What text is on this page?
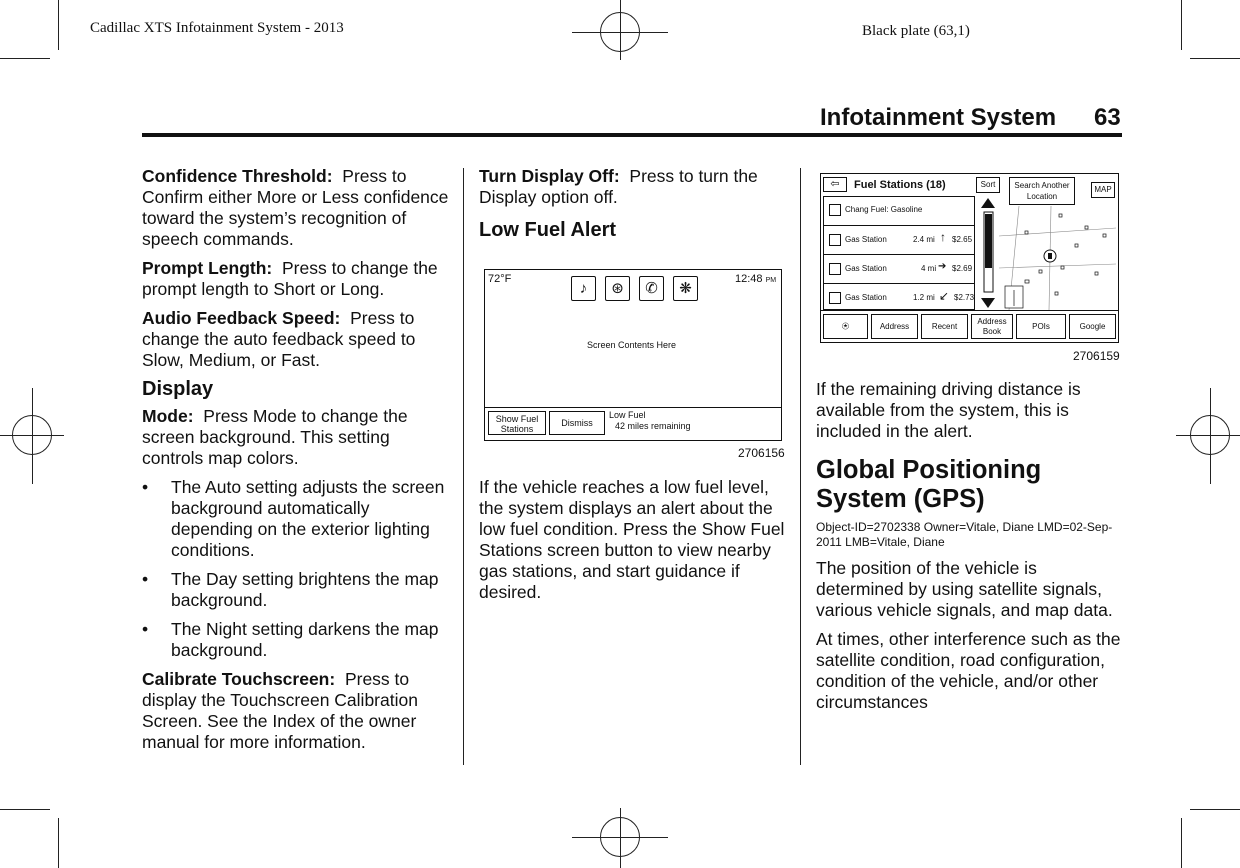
Cadillac XTS Infotainment System - 2013	Black plate (63,1)
Infotainment System 63

Confidence Threshold: Press to Confirm either More or Less confidence toward the system’s recognition of speech commands.

Prompt Length: Press to change the prompt length to Short or Long.

Audio Feedback Speed: Press to change the auto feedback speed to Slow, Medium, or Fast.

Display

Mode: Press Mode to change the screen background. This setting controls map colors.

• The Auto setting adjusts the screen background automatically depending on the exterior lighting conditions.
• The Day setting brightens the map background.
• The Night setting darkens the map background.

Calibrate Touchscreen: Press to display the Touchscreen Calibration Screen. See the Index of the owner manual for more information.

Turn Display Off: Press to turn the Display option off.

Low Fuel Alert
72°F
♪	⊛	✆	❋
12:48 PM
Screen Contents Here
Show Fuel Stations
Dismiss
Low Fuel
42 miles remaining
2706156

If the vehicle reaches a low fuel level, the system displays an alert about the low fuel condition. Press the Show Fuel Stations screen button to view nearby gas stations, and start guidance if desired.

⇦	Fuel Stations (18)	Sort	Search Another Location
MAP
Chang Fuel: Gasoline
Gas Station	2.4 mi ↑ $2.65
Gas Station	4 mi ➔ $2.69
Gas Station	1.2 mi ↙ $2.73
⍟	Address	Recent
Address Book
POIs	Google
2706159

If the remaining driving distance is available from the system, this is included in the alert.

Global Positioning System (GPS)

Object-ID=2702338 Owner=Vitale, Diane LMD=02-Sep-2011 LMB=Vitale, Diane

The position of the vehicle is determined by using satellite signals, various vehicle signals, and map data.

At times, other interference such as the satellite condition, road configuration, condition of the vehicle, and/or other circumstances
